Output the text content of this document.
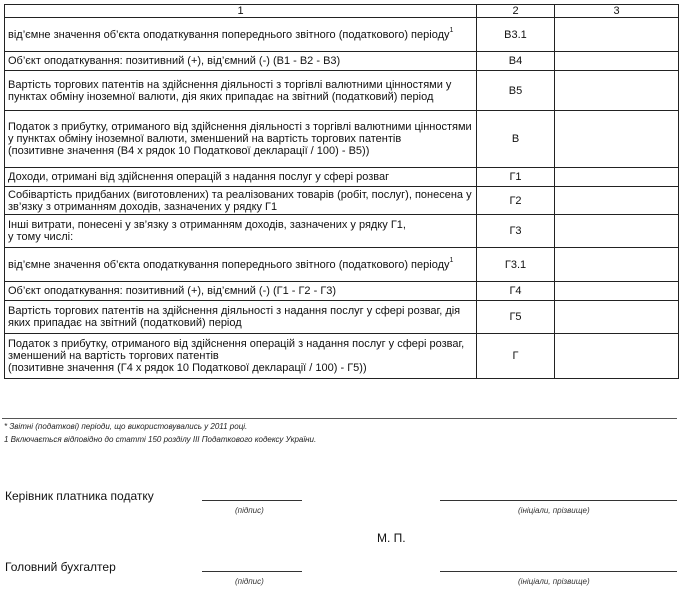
1	2	3
від’ємне значення об’єкта оподаткування попереднього звітного (податкового) періоду$^1$	В3.1	
Об’єкт оподаткування: позитивний (+), від’ємний (-) (В1 - В2 - В3)	В4	
Вартість торгових патентів на здійснення діяльності з торгівлі валютними цінностями у пунктах обміну іноземної валюти, дія яких припадає на звітний (податковий) період	В5	
Податок з прибутку, отриманого від здійснення діяльності з торгівлі валютними цінностями у пунктах обміну іноземної валюти, зменшений на вартість торгових патентів
(позитивне значення (В4 х рядок 10 Податкової декларації / 100) - В5))	В	
Доходи, отримані від здійснення операцій з надання послуг у сфері розваг	Г1	
Собівартість придбаних (виготовлених) та реалізованих товарів (робіт, послуг), понесена у зв’язку з отриманням доходів, зазначених у рядку Г1	Г2	
Інші витрати, понесені у зв’язку з отриманням доходів, зазначених у рядку Г1,
у тому числі:	Г3	
від’ємне значення об’єкта оподаткування попереднього звітного (податкового) періоду$^1$	Г3.1	
Об’єкт оподаткування: позитивний (+), від’ємний (-) (Г1 - Г2 - Г3)	Г4	
Вартість торгових патентів на здійснення діяльності з надання послуг у сфері розваг, дія яких припадає на звітний (податковий) період	Г5	
Податок з прибутку, отриманого від здійснення операцій з надання послуг у сфері розваг, зменшений на вартість торгових патентів
(позитивне значення (Г4 х рядок 10 Податкової декларації / 100) - Г5))	Г	
* Звітні (податкові) періоди, що використовувались у 2011 році.
1 Включається відповідно до статті 150 розділу III Податкового кодексу України.
Керівник платника податку
(підпис)	(ініціали, прізвище)
М. П.
Головний бухгалтер
(підпис)	(ініціали, прізвище)
